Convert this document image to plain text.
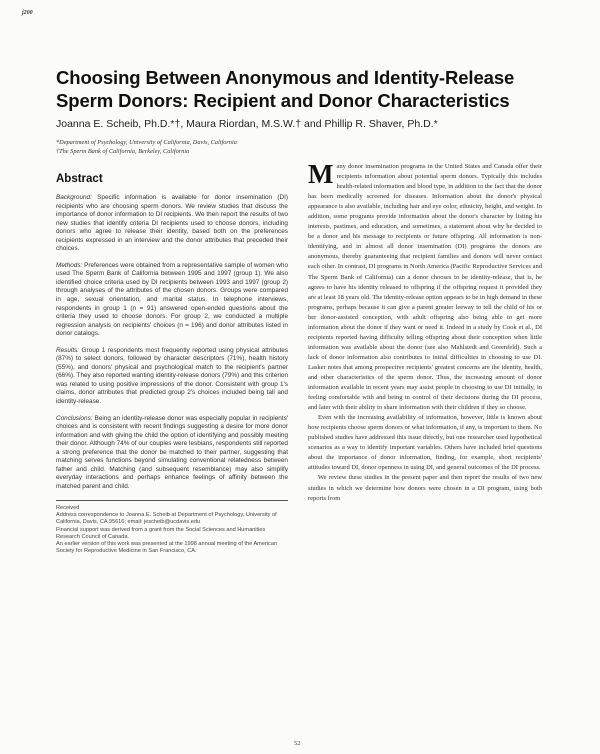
j200
Choosing Between Anonymous and Identity-Release Sperm Donors: Recipient and Donor Characteristics
Joanna E. Scheib, Ph.D.*†, Maura Riordan, M.S.W.† and Phillip R. Shaver, Ph.D.*
*Department of Psychology, University of California, Davis, California
†The Sperm Bank of California, Berkeley, California
Abstract

Background: Specific information is available for donor insemination (DI) recipients who are choosing sperm donors. We review studies that discuss the importance of donor information to DI recipients. We then report the results of two new studies that identify criteria DI recipients used to choose donors, including donors who agree to release their identity, based both on the preferences recipients expressed in an interview and the donor attributes that preceded their choices.

Methods: Preferences were obtained from a representative sample of women who used The Sperm Bank of California between 1995 and 1997 (group 1). We also identified choice criteria used by DI recipients between 1993 and 1997 (group 2) through analyses of the attributes of the chosen donors. Groups were compared in age, sexual orientation, and marital status. In telephone interviews, respondents in group 1 (n = 91) answered open-ended questions about the criteria they used to choose donors. For group 2, we conducted a multiple regression analysis on recipients' choices (n = 196) and donor attributes listed in donor catalogs.

Results: Group 1 respondents most frequently reported using physical attributes (87%) to select donors, followed by character descriptors (71%), health history (55%), and donors' physical and psychological match to the recipient's partner (66%). They also reported wanting identity-release donors (79%) and this criterion was related to using positive impressions of the donor. Consistent with group 1's claims, donor attributes that predicted group 2's choices included being tall and identity-release.

Conclusions: Being an identity-release donor was especially popular in recipients' choices and is consistent with recent findings suggesting a desire for more donor information and with giving the child the option of identifying and possibly meeting their donor. Although 74% of our couples were lesbians, respondents still reported a strong preference that the donor be matched to their partner, suggesting that matching serves functions beyond simulating conventional relatedness between father and child. Matching (and subsequent resemblance) may also simplify everyday interactions and perhaps enhance feelings of affinity between the matched parent and child.

Received

Address correspondence to Joanna E. Scheib at Department of Psychology, University of California, Davis, CA 95616; email: jescheib@ucdavis.edu

Financial support was derived from a grant from the Social Sciences and Humanities Research Council of Canada.

An earlier version of this work was presented at the 1998 annual meeting of the American Society for Reproductive Medicine in San Francisco, CA.

Many donor insemination programs in the United States and Canada offer their recipients information about potential sperm donors. Typically this includes health-related information and blood type, in addition to the fact that the donor has been medically screened for diseases. Information about the donor's physical appearance is also available, including hair and eye color, ethnicity, height, and weight. In addition, some programs provide information about the donor's character by listing his interests, pastimes, and education, and sometimes, a statement about why he decided to be a donor and his message to recipients or future offspring. All information is non-identifying, and in almost all donor insemination (DI) programs the donors are anonymous, thereby guaranteeing that recipient families and donors will never contact each other. In contrast, DI programs in North America (Pacific Reproductive Services and The Sperm Bank of California) can a donor chooses to be identity-release, that is, he agrees to have his identity released to offspring if the offspring request it provided they are at least 18 years old. The identity-release option appears to be in high demand in these programs, perhaps because it can give a parent greater leeway to tell the child of his or her donor-assisted conception, with adult offspring also being able to get more information about the donor if they want or need it. Indeed in a study by Cook et al., DI recipients reported having difficulty telling offspring about their conception when little information was available about the donor (see also Mahlstedt and Greenfeld). Such a lack of donor information also contributes to initial difficulties in choosing to use DI. Lasker notes that among prospective recipients' greatest concerns are the identity, health, and other characteristics of the sperm donor. Thus, the increasing amount of donor information available in recent years may assist people in choosing to use DI initially, in feeling comfortable with and being in control of their decisions during the DI process, and later with their ability to share information with their children if they so choose.

Even with the increasing availability of information, however, little is known about how recipients choose sperm donors or what information, if any, is important to them. No published studies have addressed this issue directly, but one researcher used hypothetical scenarios as a way to identify important variables. Others have included brief questions about the importance of donor information, finding, for example, short recipients' attitudes toward DI, donor openness in using DI, and general outcomes of the DI process.

We review these studies in the present paper and then report the results of two new studies in which we determine how donors were chosen in a DI program, using both reports from

52
